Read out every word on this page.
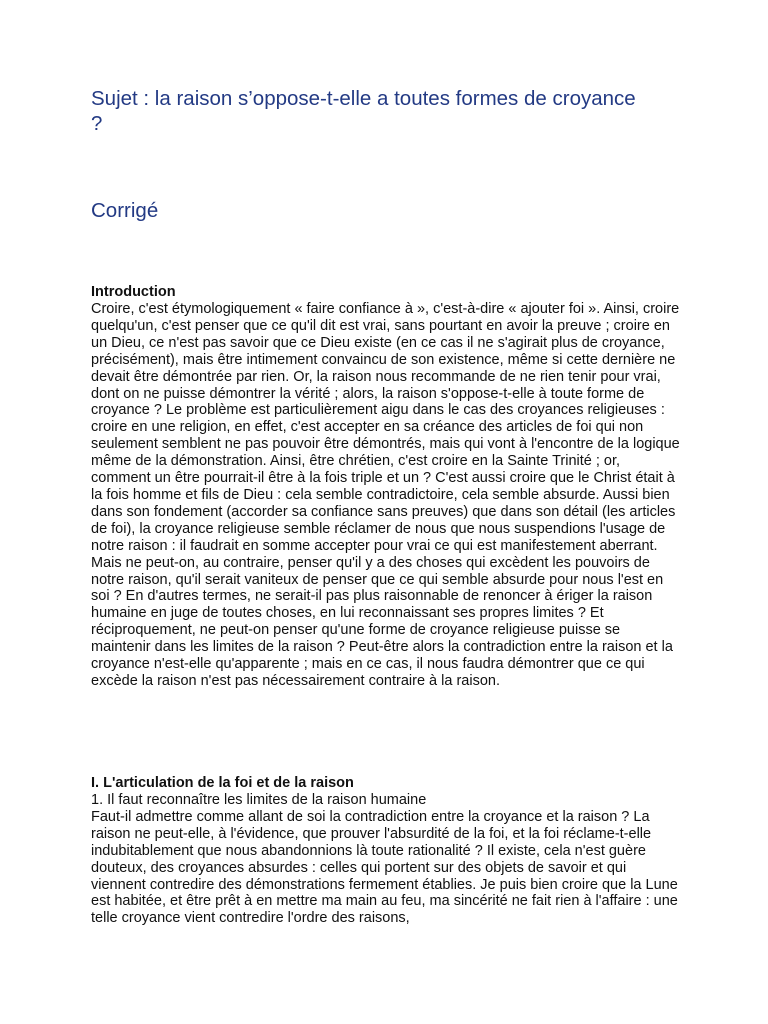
Sujet : la raison s’oppose-t-elle a toutes formes de croyance ?
Corrigé

Introduction

Croire, c'est étymologiquement « faire confiance à », c'est-à-dire « ajouter foi ». Ainsi, croire quelqu'un, c'est penser que ce qu'il dit est vrai, sans pourtant en avoir la preuve ; croire en un Dieu, ce n'est pas savoir que ce Dieu existe (en ce cas il ne s'agirait plus de croyance, précisément), mais être intimement convaincu de son existence, même si cette dernière ne devait être démontrée par rien. Or, la raison nous recommande de ne rien tenir pour vrai, dont on ne puisse démontrer la vérité ; alors, la raison s'oppose-t-elle à toute forme de croyance ? Le problème est particulièrement aigu dans le cas des croyances religieuses : croire en une religion, en effet, c'est accepter en sa créance des articles de foi qui non seulement semblent ne pas pouvoir être démontrés, mais qui vont à l'encontre de la logique même de la démonstration. Ainsi, être chrétien, c'est croire en la Sainte Trinité ; or, comment un être pourrait-il être à la fois triple et un ? C'est aussi croire que le Christ était à la fois homme et fils de Dieu : cela semble contradictoire, cela semble absurde. Aussi bien dans son fondement (accorder sa confiance sans preuves) que dans son détail (les articles de foi), la croyance religieuse semble réclamer de nous que nous suspendions l'usage de notre raison : il faudrait en somme accepter pour vrai ce qui est manifestement aberrant. Mais ne peut-on, au contraire, penser qu'il y a des choses qui excèdent les pouvoirs de notre raison, qu'il serait vaniteux de penser que ce qui semble absurde pour nous l'est en soi ? En d'autres termes, ne serait-il pas plus raisonnable de renoncer à ériger la raison humaine en juge de toutes choses, en lui reconnaissant ses propres limites ? Et réciproquement, ne peut-on penser qu'une forme de croyance religieuse puisse se maintenir dans les limites de la raison ? Peut-être alors la contradiction entre la raison et la croyance n'est-elle qu'apparente ; mais en ce cas, il nous faudra démontrer que ce qui excède la raison n'est pas nécessairement contraire à la raison.

I. L'articulation de la foi et de la raison

1. Il faut reconnaître les limites de la raison humaine

Faut-il admettre comme allant de soi la contradiction entre la croyance et la raison ? La raison ne peut-elle, à l'évidence, que prouver l'absurdité de la foi, et la foi réclame-t-elle indubitablement que nous abandonnions là toute rationalité ? Il existe, cela n'est guère douteux, des croyances absurdes : celles qui portent sur des objets de savoir et qui viennent contredire des démonstrations fermement établies. Je puis bien croire que la Lune est habitée, et être prêt à en mettre ma main au feu, ma sincérité ne fait rien à l'affaire : une telle croyance vient contredire l'ordre des raisons,
